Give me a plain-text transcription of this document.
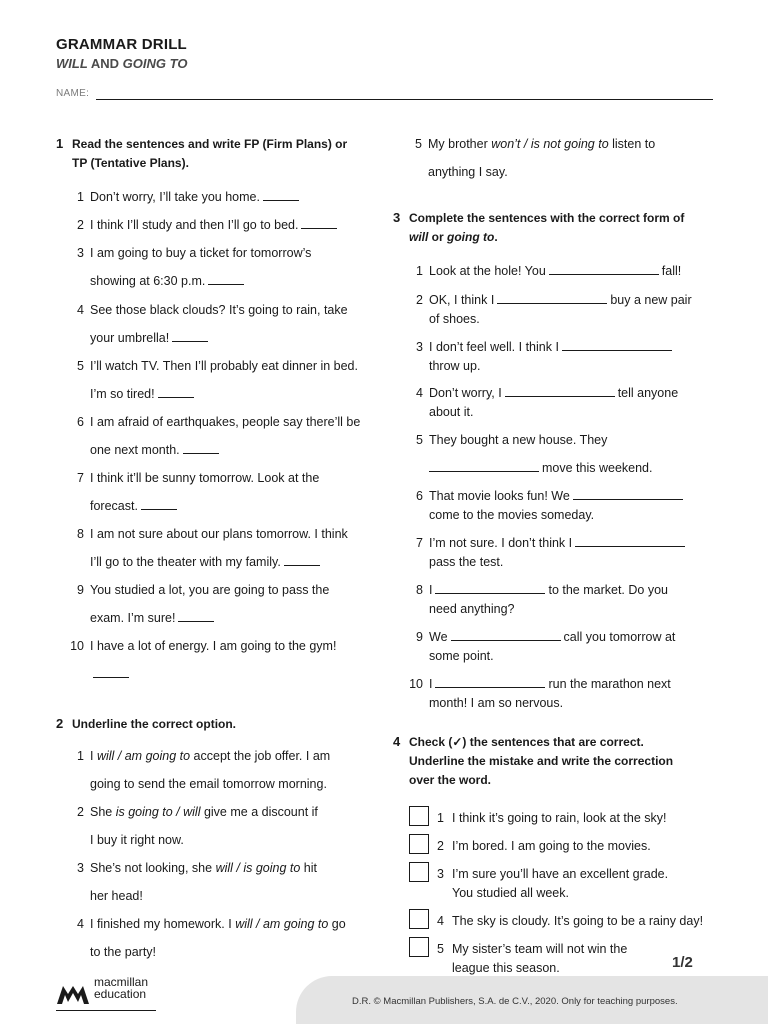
GRAMMAR DRILL
WILL AND GOING TO
NAME:
1 Read the sentences and write FP (Firm Plans) or
TP (Tentative Plans).
1 Don’t worry, I’ll take you home.
2 I think I’ll study and then I’ll go to bed.
3 I am going to buy a ticket for tomorrow’s
showing at 6:30 p.m.
4 See those black clouds? It’s going to rain, take
your umbrella!
5 I’ll watch TV. Then I’ll probably eat dinner in bed.
I’m so tired!
6 I am afraid of earthquakes, people say there’ll be
one next month.
7 I think it’ll be sunny tomorrow. Look at the
forecast.
8 I am not sure about our plans tomorrow. I think
I’ll go to the theater with my family.
9 You studied a lot, you are going to pass the
exam. I’m sure!
10 I have a lot of energy. I am going to the gym!
2 Underline the correct option.
1 I will / am going to accept the job offer. I am
going to send the email tomorrow morning.
2 She is going to / will give me a discount if
I buy it right now.
3 She’s not looking, she will / is going to hit
her head!
4 I finished my homework. I will / am going to go
to the party!
5 My brother won’t / is not going to listen to
anything I say.
3 Complete the sentences with the correct form of
will or going to.
1 Look at the hole! You	fall!
2 OK, I think I	buy a new pair
of shoes.
3 I don’t feel well. I think I
throw up.
4 Don’t worry, I	tell anyone
about it.
5 They bought a new house. They
move this weekend.
6 That movie looks fun! We
come to the movies someday.
7 I’m not sure. I don’t think I
pass the test.
8 I	to the market. Do you
need anything?
9 We	call you tomorrow at
some point.
10 I	run the marathon next
month! I am so nervous.
4 Check (✓) the sentences that are correct.
Underline the mistake and write the correction
over the word.
1 I think it’s going to rain, look at the sky!
2 I’m bored. I am going to the movies.
3 I’m sure you’ll have an excellent grade.
You studied all week.
4 The sky is cloudy. It’s going to be a rainy day!
5 My sister’s team will not win the
league this season.	1/2
D.R. © Macmillan Publishers, S.A. de C.V., 2020. Only for teaching purposes.
macmillan
education
